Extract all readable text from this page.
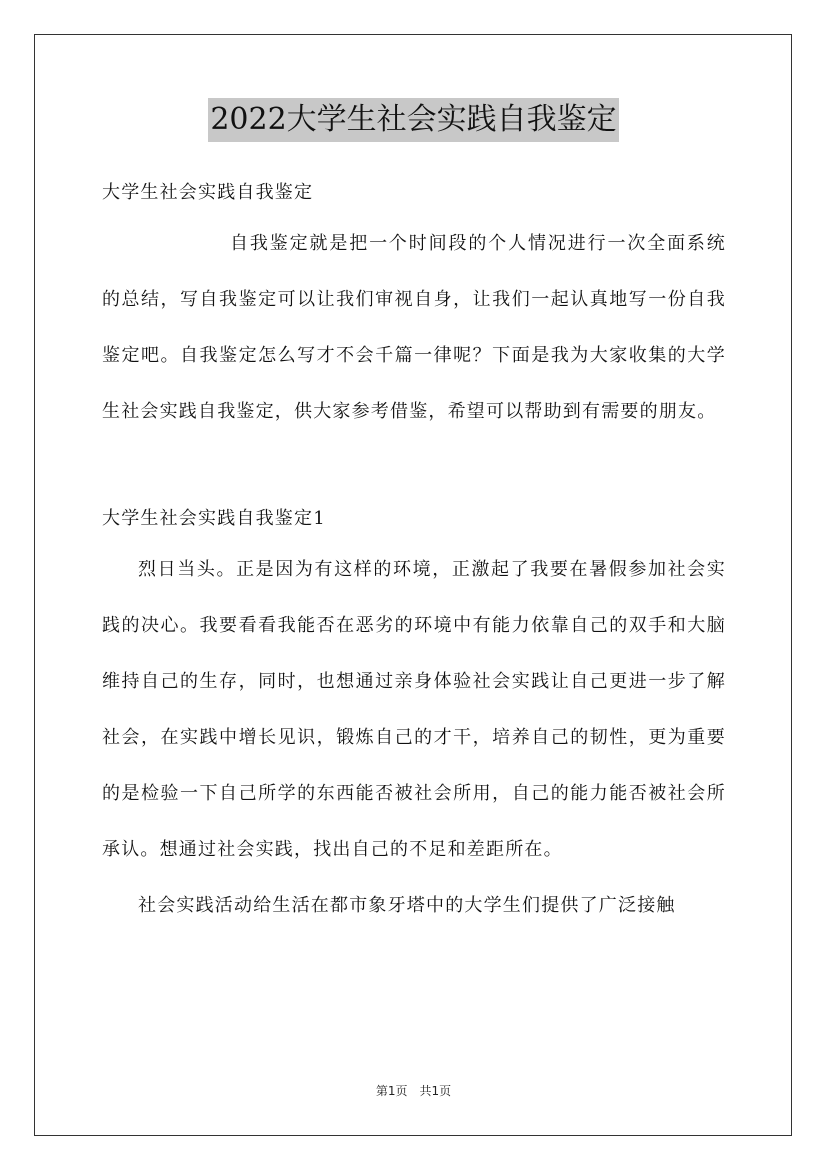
2022大学生社会实践自我鉴定

大学生社会实践自我鉴定

自我鉴定就是把一个时间段的个人情况进行一次全面系统的总结，写自我鉴定可以让我们审视自身，让我们一起认真地写一份自我鉴定吧。自我鉴定怎么写才不会千篇一律呢？下面是我为大家收集的大学生社会实践自我鉴定，供大家参考借鉴，希望可以帮助到有需要的朋友。

大学生社会实践自我鉴定1

烈日当头。正是因为有这样的环境，正激起了我要在暑假参加社会实践的决心。我要看看我能否在恶劣的环境中有能力依靠自己的双手和大脑维持自己的生存，同时，也想通过亲身体验社会实践让自己更进一步了解社会，在实践中增长见识，锻炼自己的才干，培养自己的韧性，更为重要的是检验一下自己所学的东西能否被社会所用，自己的能力能否被社会所承认。想通过社会实践，找出自己的不足和差距所在。

社会实践活动给生活在都市象牙塔中的大学生们提供了广泛接触

第1页　共1页
